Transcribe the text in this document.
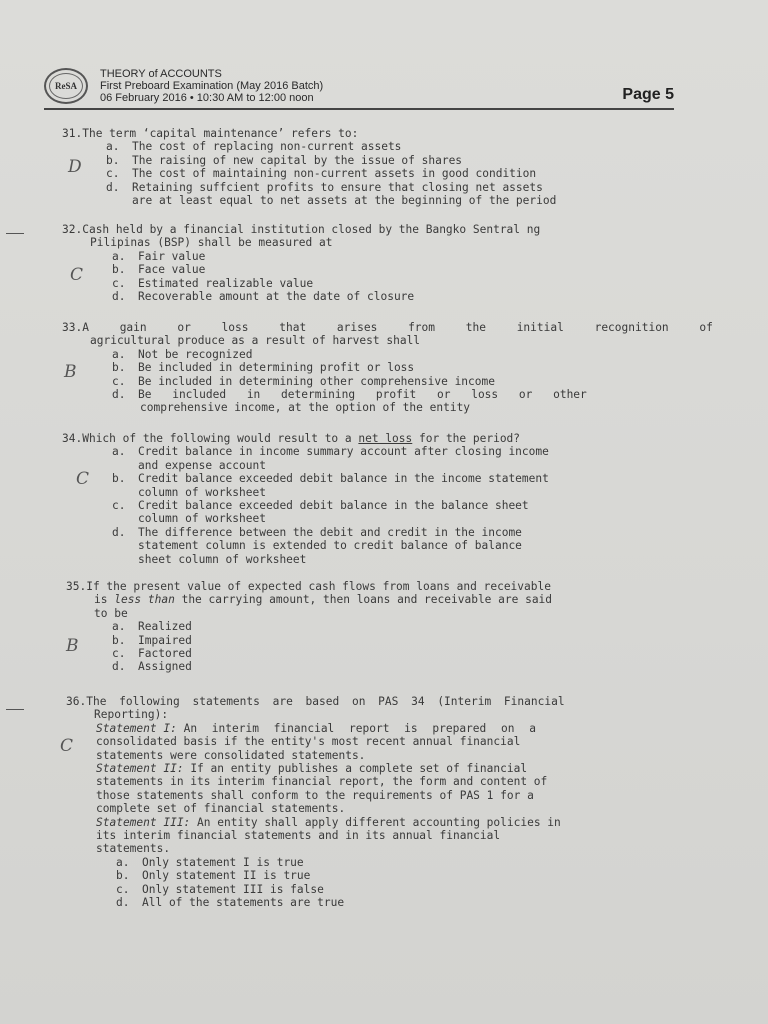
ReSA
THEORY of ACCOUNTS
First Preboard Examination (May 2016 Batch)
06 February 2016 • 10:30 AM to 12:00 noon	Page 5
31.The term ‘capital maintenance’ refers to:
a. The cost of replacing non-current assets
b. The raising of new capital by the issue of shares
c. The cost of maintaining non-current assets in good condition
d. Retaining suffcient profits to ensure that closing net assets
are at least equal to net assets at the beginning of the period
D
32.Cash held by a financial institution closed by the Bangko Sentral ng
Pilipinas (BSP) shall be measured at
a. Fair value
b. Face value
c. Estimated realizable value
d. Recoverable amount at the date of closure
C
33.A gain or loss that arises from the initial recognition of
agricultural produce as a result of harvest shall
a. Not be recognized
b. Be included in determining profit or loss
c. Be included in determining other comprehensive income
d. Be included in determining profit or loss or other
comprehensive income, at the option of the entity
B
34.Which of the following would result to a net loss for the period?
a. Credit balance in income summary account after closing income
and expense account
b. Credit balance exceeded debit balance in the income statement
column of worksheet
c. Credit balance exceeded debit balance in the balance sheet
column of worksheet
d. The difference between the debit and credit in the income
statement column is extended to credit balance of balance
sheet column of worksheet
C
35.If the present value of expected cash flows from loans and receivable
is less than the carrying amount, then loans and receivable are said
to be
a. Realized
b. Impaired
c. Factored
d. Assigned
B
36.The following statements are based on PAS 34 (Interim Financial
Reporting):
Statement I: An interim financial report is prepared on a
consolidated basis if the entity's most recent annual financial
statements were consolidated statements.
Statement II: If an entity publishes a complete set of financial
statements in its interim financial report, the form and content of
those statements shall conform to the requirements of PAS 1 for a
complete set of financial statements.
Statement III: An entity shall apply different accounting policies in
its interim financial statements and in its annual financial
statements.
a. Only statement I is true
b. Only statement II is true
c. Only statement III is false
d. All of the statements are true
C
